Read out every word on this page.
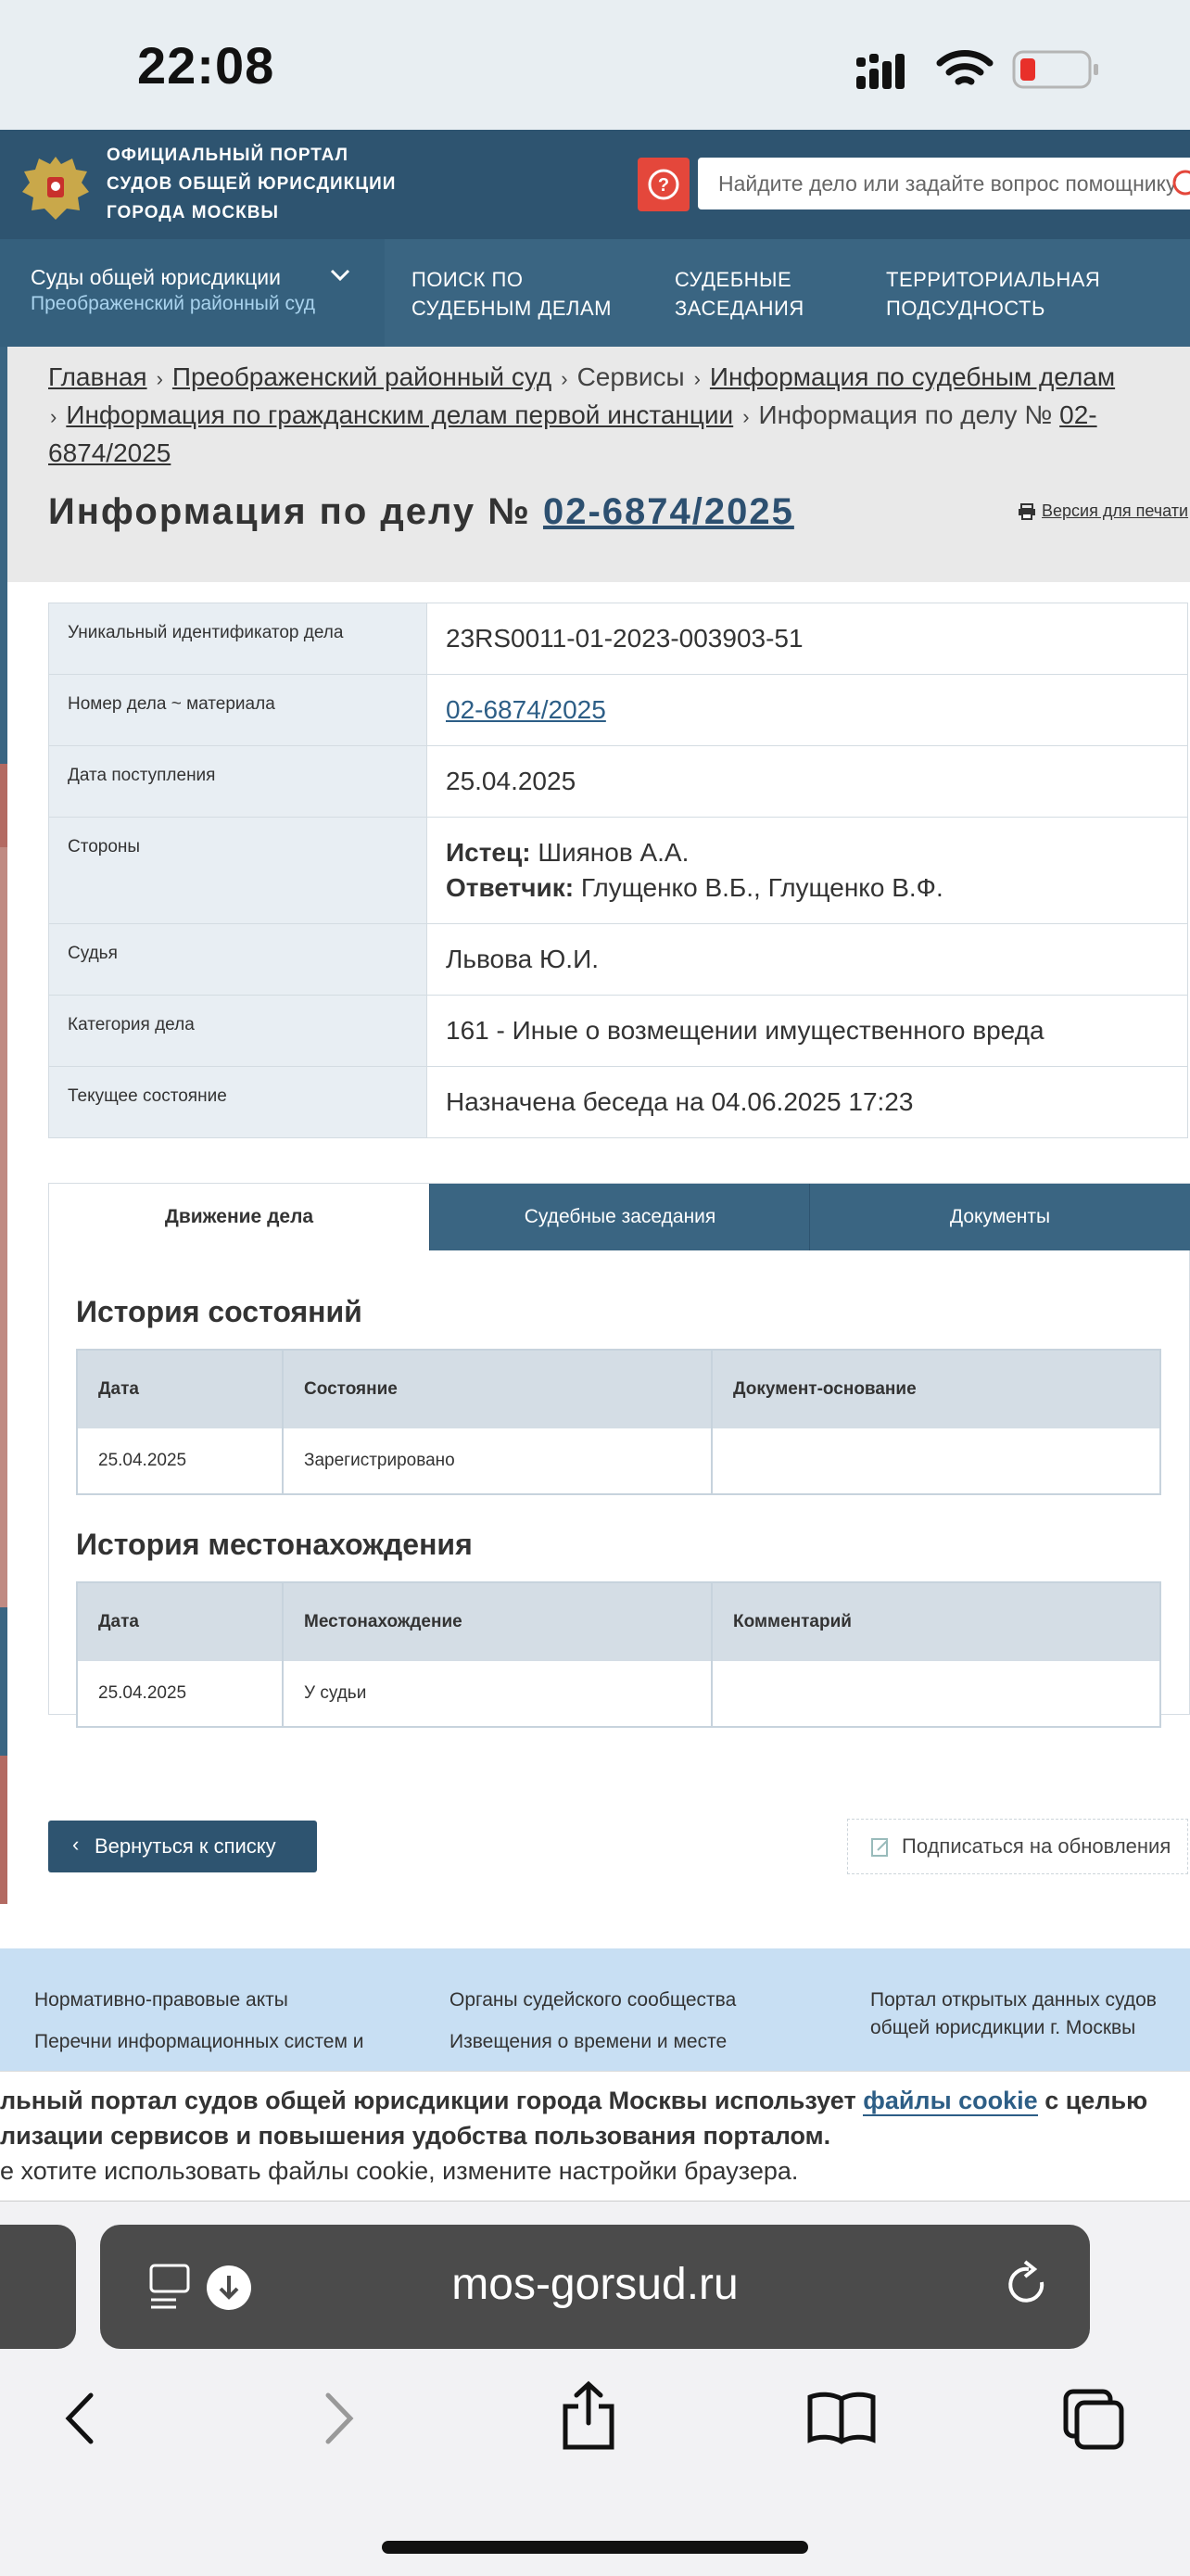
22:08
ОФИЦИАЛЬНЫЙ ПОРТАЛ
СУДОВ ОБЩЕЙ ЮРИСДИКЦИИ
ГОРОДА МОСКВЫ
? Найдите дело или задайте вопрос помощнику
Суды общей юрисдикции
Преображенский районный суд
ПОИСК ПО
СУДЕБНЫМ ДЕЛАМ
СУДЕБНЫЕ
ЗАСЕДАНИЯ
ТЕРРИТОРИАЛЬНАЯ
ПОДСУДНОСТЬ
Главная › Преображенский районный суд › Сервисы › Информация по судебным делам
› Информация по гражданским делам первой инстанции › Информация по делу № 02-6874/2025
Информация по делу № 02-6874/2025	Версия для печати
Уникальный идентификатор дела	23RS0011-01-2023-003903-51
Номер дела ~ материала	02-6874/2025
Дата поступления	25.04.2025
Стороны	Истец: Шиянов А.А.
Ответчик: Глущенко В.Б., Глущенко В.Ф.

Судья	Львова Ю.И.
Категория дела	161 - Иные о возмещении имущественного вреда
Текущее состояние	Назначена беседа на 04.06.2025 17:23
Движение дела	Судебные заседания	Документы
История состояний
Дата	Состояние	Документ-основание
25.04.2025	Зарегистрировано	
История местонахождения
Дата	Местонахождение	Комментарий
25.04.2025	У судьи	
‹ Вернуться к списку	Подписаться на обновления
Нормативно-правовые акты
Перечни информационных систем и
Органы судейского сообщества
Извещения о времени и месте
Портал открытых данных судов
общей юрисдикции г. Москвы
льный портал судов общей юрисдикции города Москвы использует файлы cookie с целью
лизации сервисов и повышения удобства пользования порталом.
е хотите использовать файлы cookie, измените настройки браузера.
mos-gorsud.ru
